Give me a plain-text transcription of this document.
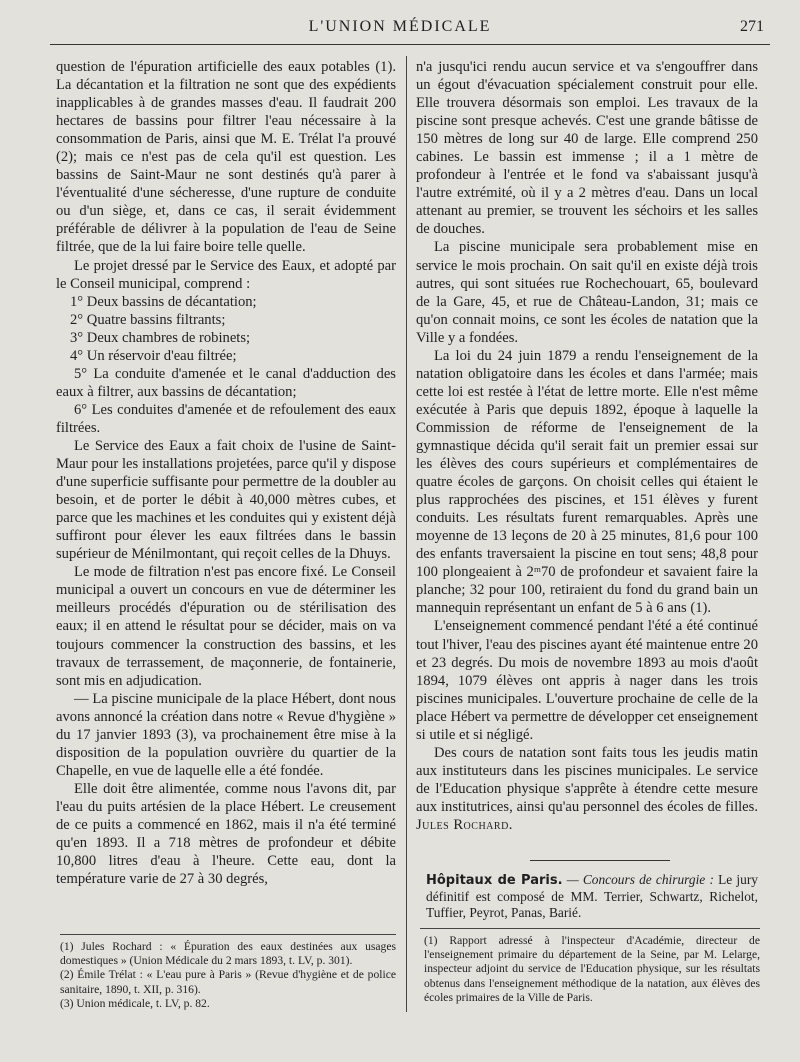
L'UNION MÉDICALE	271

question de l'épuration artificielle des eaux potables (1). La décantation et la filtration ne sont que des expédients inapplicables à de grandes masses d'eau. Il faudrait 200 hectares de bassins pour filtrer l'eau nécessaire à la consommation de Paris, ainsi que M. E. Trélat l'a prouvé (2); mais ce n'est pas de cela qu'il est question. Les bassins de Saint-Maur ne sont destinés qu'à parer à l'éventualité d'une sécheresse, d'une rupture de conduite ou d'un siège, et, dans ce cas, il serait évidemment préférable de délivrer à la population de l'eau de Seine filtrée, que de la lui faire boire telle quelle.

Le projet dressé par le Service des Eaux, et adopté par le Conseil municipal, comprend :

1° Deux bassins de décantation;

2° Quatre bassins filtrants;

3° Deux chambres de robinets;

4° Un réservoir d'eau filtrée;

5° La conduite d'amenée et le canal d'adduction des eaux à filtrer, aux bassins de décantation;

6° Les conduites d'amenée et de refoulement des eaux filtrées.

Le Service des Eaux a fait choix de l'usine de Saint-Maur pour les installations projetées, parce qu'il y dispose d'une superficie suffisante pour permettre de la doubler au besoin, et de porter le débit à 40,000 mètres cubes, et parce que les machines et les conduites qui y existent déjà suffiront pour élever les eaux filtrées dans le bassin supérieur de Ménilmontant, qui reçoit celles de la Dhuys.

Le mode de filtration n'est pas encore fixé. Le Conseil municipal a ouvert un concours en vue de déterminer les meilleurs procédés d'épuration ou de stérilisation des eaux; il en attend le résultat pour se décider, mais on va toujours commencer la construction des bassins, et les travaux de terrassement, de maçonnerie, de fontainerie, sont mis en adjudication.

— La piscine municipale de la place Hébert, dont nous avons annoncé la création dans notre « Revue d'hygiène » du 17 janvier 1893 (3), va prochainement être mise à la disposition de la population ouvrière du quartier de la Chapelle, en vue de laquelle elle a été fondée.

Elle doit être alimentée, comme nous l'avons dit, par l'eau du puits artésien de la place Hébert. Le creusement de ce puits a commencé en 1862, mais il n'a été terminé qu'en 1893. Il a 718 mètres de profondeur et débite 10,800 litres d'eau à l'heure. Cette eau, dont la température varie de 27 à 30 degrés,

(1) Jules Rochard : « Épuration des eaux destinées aux usages domestiques » (Union Médicale du 2 mars 1893, t. LV, p. 301).

(2) Émile Trélat : « L'eau pure à Paris » (Revue d'hygiène et de police sanitaire, 1890, t. XII, p. 316).

(3) Union médicale, t. LV, p. 82.

n'a jusqu'ici rendu aucun service et va s'engouffrer dans un égout d'évacuation spécialement construit pour elle. Elle trouvera désormais son emploi. Les travaux de la piscine sont presque achevés. C'est une grande bâtisse de 150 mètres de long sur 40 de large. Elle comprend 250 cabines. Le bassin est immense ; il a 1 mètre de profondeur à l'entrée et le fond va s'abaissant jusqu'à l'autre extrémité, où il y a 2 mètres d'eau. Dans un local attenant au premier, se trouvent les séchoirs et les salles de douches.

La piscine municipale sera probablement mise en service le mois prochain. On sait qu'il en existe déjà trois autres, qui sont situées rue Rochechouart, 65, boulevard de la Gare, 45, et rue de Château-Landon, 31; mais ce qu'on connait moins, ce sont les écoles de natation que la Ville y a fondées.

La loi du 24 juin 1879 a rendu l'enseignement de la natation obligatoire dans les écoles et dans l'armée; mais cette loi est restée à l'état de lettre morte. Elle n'est même exécutée à Paris que depuis 1892, époque à laquelle la Commission de réforme de l'enseignement de la gymnastique décida qu'il serait fait un premier essai sur les élèves des cours supérieurs et complémentaires de quatre écoles de garçons. On choisit celles qui étaient le plus rapprochées des piscines, et 151 élèves y furent conduits. Les résultats furent remarquables. Après une moyenne de 13 leçons de 20 à 25 minutes, 81,6 pour 100 des enfants traversaient la piscine en tout sens; 48,8 pour 100 plongeaient à 2ᵐ70 de profondeur et savaient faire la planche; 32 pour 100, retiraient du fond du grand bain un mannequin représentant un enfant de 5 à 6 ans (1).

L'enseignement commencé pendant l'été a été continué tout l'hiver, l'eau des piscines ayant été maintenue entre 20 et 23 degrés. Du mois de novembre 1893 au mois d'août 1894, 1079 élèves ont appris à nager dans les trois piscines municipales. L'ouverture prochaine de celle de la place Hébert va permettre de développer cet enseignement si utile et si négligé.

Des cours de natation sont faits tous les jeudis matin aux instituteurs dans les piscines municipales. Le service de l'Education physique s'apprête à étendre cette mesure aux institutrices, ainsi qu'au personnel des écoles de filles. Jules Rochard.

Hôpitaux de Paris. — Concours de chirurgie : Le jury définitif est composé de MM. Terrier, Schwartz, Richelot, Tuffier, Peyrot, Panas, Barié.

(1) Rapport adressé à l'inspecteur d'Académie, directeur de l'enseignement primaire du département de la Seine, par M. Lelarge, inspecteur adjoint du service de l'Education physique, sur les résultats obtenus dans l'enseignement méthodique de la natation, aux élèves des écoles primaires de la Ville de Paris.
